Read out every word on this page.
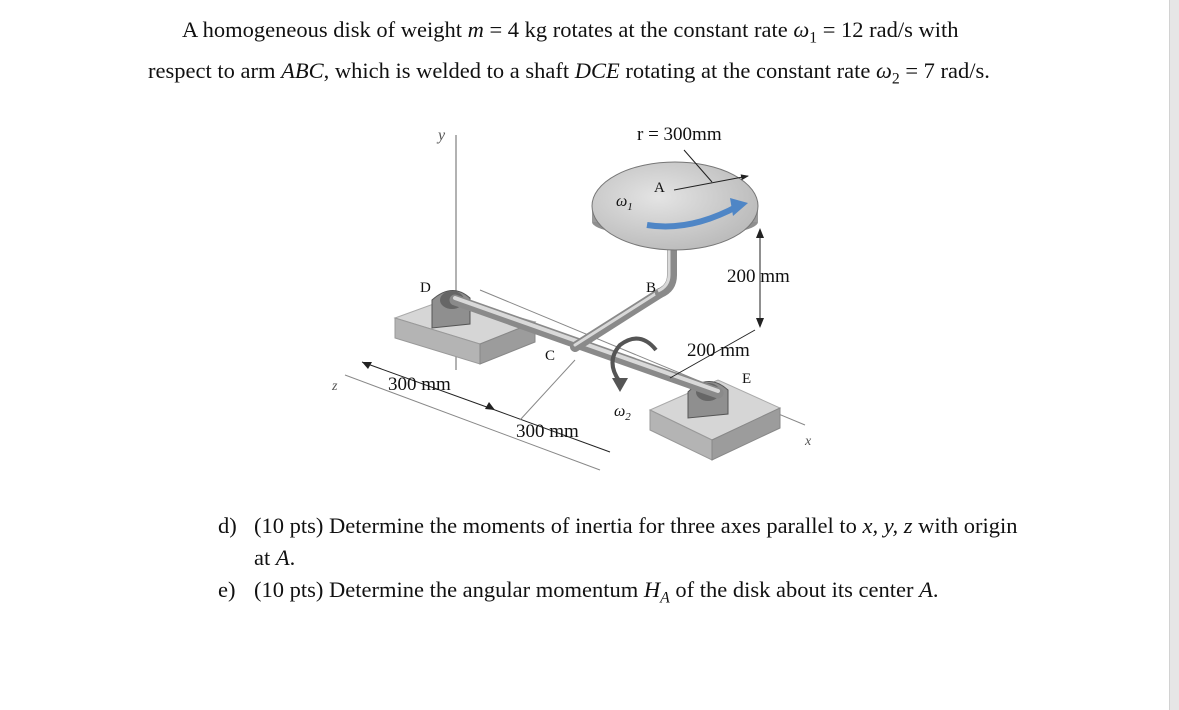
A homogeneous disk of weight m = 4 kg rotates at the constant rate $\omega_1 = 12$ rad/s with respect to arm ABC, which is welded to a shaft DCE rotating at the constant rate $\omega_2 = 7$ rad/s.
y
z
x
r = 300mm
A
B
C
D
E
$\omega_1$
$\omega_2$
200 mm
200 mm
300 mm
300 mm
d) (10 pts) Determine the moments of inertia for three axes parallel to x, y, z with origin at A.
e) (10 pts) Determine the angular momentum $H_A$ of the disk about its center A.
